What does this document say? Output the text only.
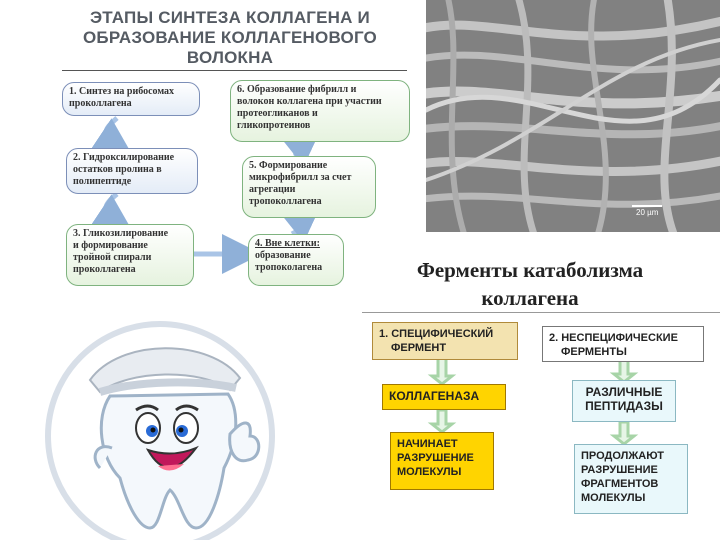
ЭТАПЫ СИНТЕЗА КОЛЛАГЕНА И
ОБРАЗОВАНИЕ КОЛЛАГЕНОВОГО
ВОЛОКНА
1. Синтез на рибосомах
проколлагена
2. Гидроксилирование
остатков пролина в
полипептиде
3. Гликозилирование
и формирование
тройной спирали
проколлагена
4. Вне клетки:
образование
тропоколагена
5. Формирование
микрофибрилл за счет
агрегации
тропоколлагена
6. Образование фибрилл и
волокон коллагена при участии
протеогликанов и
гликопротеинов
20 µm
Ферменты катаболизма
коллагена
1. СПЕЦИФИЧЕСКИЙ
ФЕРМЕНТ
2. НЕСПЕЦИФИЧЕСКИЕ
ФЕРМЕНТЫ
КОЛЛАГЕНАЗА	РАЗЛИЧНЫЕ
ПЕПТИДАЗЫ
НАЧИНАЕТ
РАЗРУШЕНИЕ
МОЛЕКУЛЫ
ПРОДОЛЖАЮТ
РАЗРУШЕНИЕ
ФРАГМЕНТОВ
МОЛЕКУЛЫ
